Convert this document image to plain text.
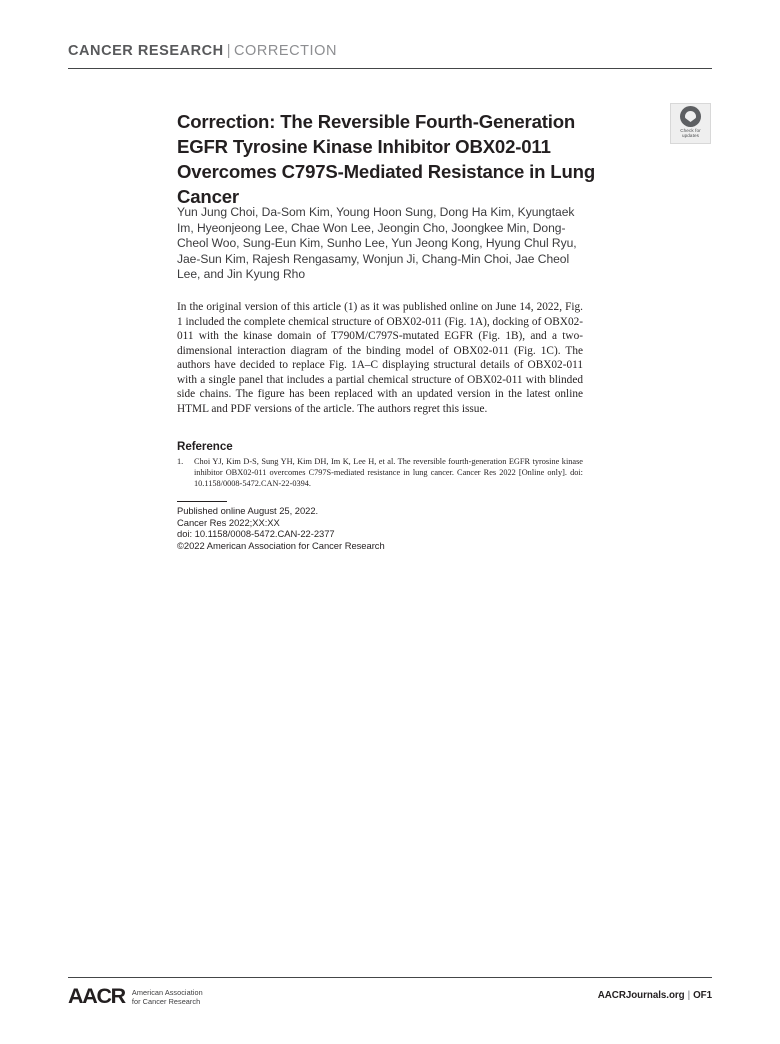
CANCER RESEARCH | CORRECTION
Check for
updates
Correction: The Reversible Fourth-Generation EGFR Tyrosine Kinase Inhibitor OBX02-011 Overcomes C797S-Mediated Resistance in Lung Cancer
Yun Jung Choi, Da-Som Kim, Young Hoon Sung, Dong Ha Kim, Kyungtaek Im, Hyeonjeong Lee, Chae Won Lee, Jeongin Cho, Joongkee Min, Dong-Cheol Woo, Sung-Eun Kim, Sunho Lee, Yun Jeong Kong, Hyung Chul Ryu, Jae-Sun Kim, Rajesh Rengasamy, Wonjun Ji, Chang-Min Choi, Jae Cheol Lee, and Jin Kyung Rho
In the original version of this article (1) as it was published online on June 14, 2022, Fig. 1 included the complete chemical structure of OBX02-011 (Fig. 1A), docking of OBX02-011 with the kinase domain of T790M/C797S-mutated EGFR (Fig. 1B), and a two-dimensional interaction diagram of the binding model of OBX02-011 (Fig. 1C). The authors have decided to replace Fig. 1A–C displaying structural details of OBX02-011 with a single panel that includes a partial chemical structure of OBX02-011 with blinded side chains. The figure has been replaced with an updated version in the latest online HTML and PDF versions of the article. The authors regret this issue.
Reference
1.	Choi YJ, Kim D-S, Sung YH, Kim DH, Im K, Lee H, et al. The reversible fourth-generation EGFR tyrosine kinase inhibitor OBX02-011 overcomes C797S-mediated resistance in lung cancer. Cancer Res 2022 [Online only]. doi: 10.1158/0008-5472.CAN-22-0394.
Published online August 25, 2022.
Cancer Res 2022;XX:XX
doi: 10.1158/0008-5472.CAN-22-2377
©2022 American Association for Cancer Research
AACR American Association
for Cancer Research
AACRJournals.org | OF1
